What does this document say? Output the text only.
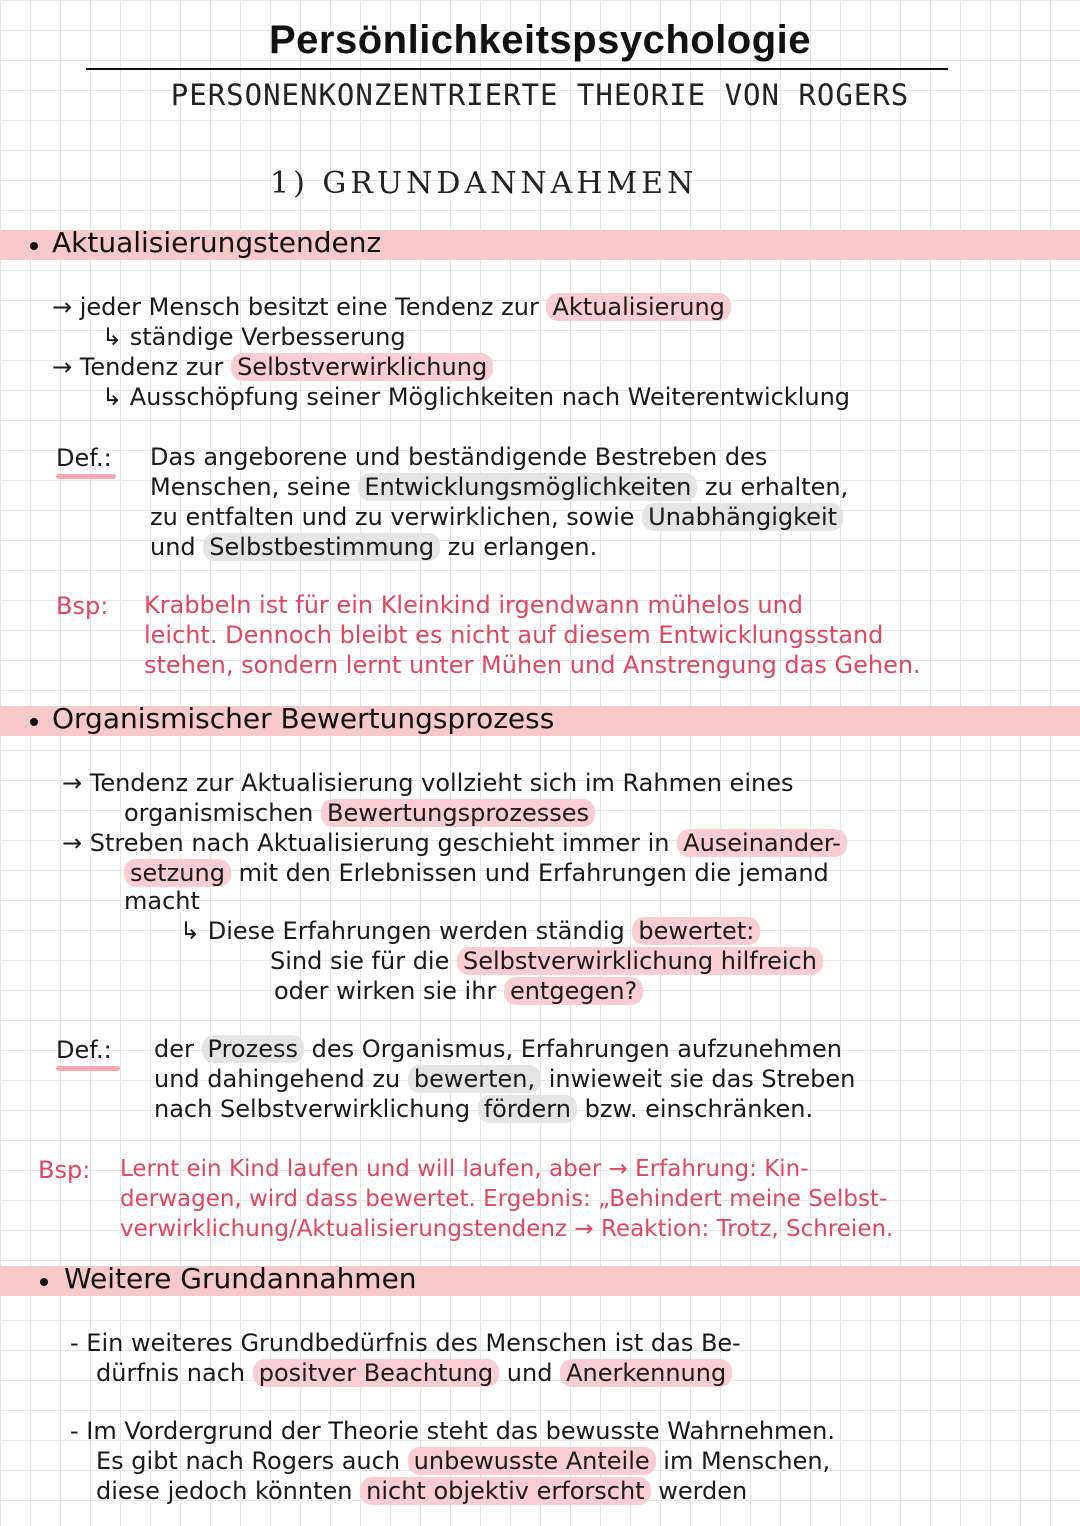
Persönlichkeitspsychologie
PERSONENKONZENTRIERTE THEORIE VON ROGERS
1) GRUNDANNAHMEN
Aktualisierungstendenz
→ jeder Mensch besitzt eine Tendenz zur Aktualisierung
↳ ständige Verbesserung
→ Tendenz zur Selbstverwirklichung
↳ Ausschöpfung seiner Möglichkeiten nach Weiterentwicklung
Def.: Das angeborene und beständigende Bestreben des
Menschen, seine Entwicklungsmöglichkeiten zu erhalten,
zu entfalten und zu verwirklichen, sowie Unabhängigkeit
und Selbstbestimmung zu erlangen.
Bsp: Krabbeln ist für ein Kleinkind irgendwann mühelos und
leicht. Dennoch bleibt es nicht auf diesem Entwicklungsstand
stehen, sondern lernt unter Mühen und Anstrengung das Gehen.
Organismischer Bewertungsprozess
→ Tendenz zur Aktualisierung vollzieht sich im Rahmen eines
organismischen Bewertungsprozesses
→ Streben nach Aktualisierung geschieht immer in Auseinander-
setzung mit den Erlebnissen und Erfahrungen die jemand
macht
↳ Diese Erfahrungen werden ständig bewertet:
Sind sie für die Selbstverwirklichung hilfreich
oder wirken sie ihr entgegen?
Def.: der Prozess des Organismus, Erfahrungen aufzunehmen
und dahingehend zu bewerten, inwieweit sie das Streben
nach Selbstverwirklichung fördern bzw. einschränken.
Bsp: Lernt ein Kind laufen und will laufen, aber → Erfahrung: Kin-
derwagen, wird dass bewertet. Ergebnis: „Behindert meine Selbst-
verwirklichung/Aktualisierungstendenz → Reaktion: Trotz, Schreien.
Weitere Grundannahmen
- Ein weiteres Grundbedürfnis des Menschen ist das Be-
dürfnis nach positver Beachtung und Anerkennung
- Im Vordergrund der Theorie steht das bewusste Wahrnehmen.
Es gibt nach Rogers auch unbewusste Anteile im Menschen,
diese jedoch könnten nicht objektiv erforscht werden
